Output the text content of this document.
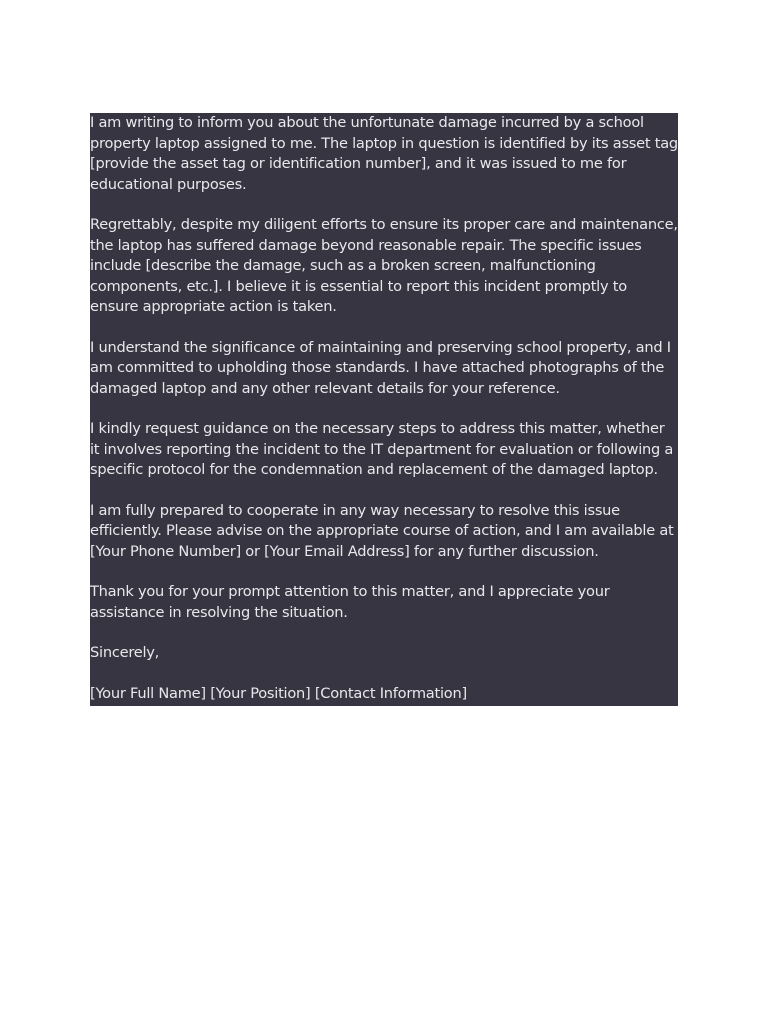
I am writing to inform you about the unfortunate damage incurred by a school property laptop assigned to me. The laptop in question is identified by its asset tag [provide the asset tag or identification number], and it was issued to me for educational purposes.

Regrettably, despite my diligent efforts to ensure its proper care and maintenance, the laptop has suffered damage beyond reasonable repair. The specific issues include [describe the damage, such as a broken screen, malfunctioning components, etc.]. I believe it is essential to report this incident promptly to ensure appropriate action is taken.

I understand the significance of maintaining and preserving school property, and I am committed to upholding those standards. I have attached photographs of the damaged laptop and any other relevant details for your reference.

I kindly request guidance on the necessary steps to address this matter, whether it involves reporting the incident to the IT department for evaluation or following a specific protocol for the condemnation and replacement of the damaged laptop.

I am fully prepared to cooperate in any way necessary to resolve this issue efficiently. Please advise on the appropriate course of action, and I am available at [Your Phone Number] or [Your Email Address] for any further discussion.

Thank you for your prompt attention to this matter, and I appreciate your assistance in resolving the situation.

Sincerely,

[Your Full Name] [Your Position] [Contact Information]
